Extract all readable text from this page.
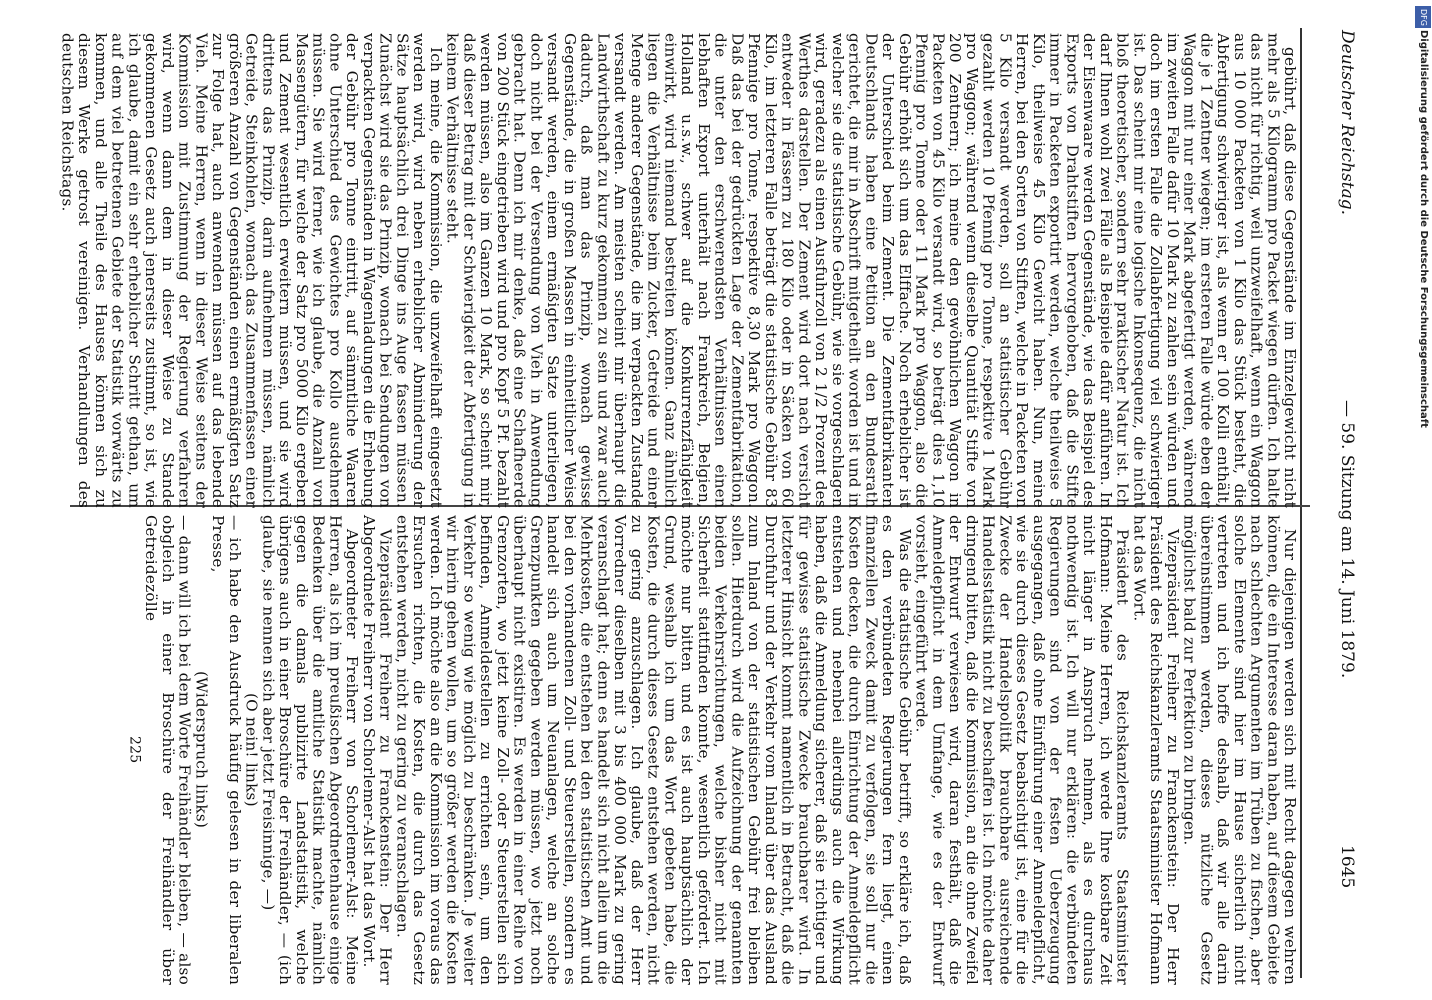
DFG
Digitalisierung gefördert durch die Deutsche Forschungsgemeinschaft
Deutscher Reichstag.
— 59. Sitzung am 14. Juni 1879.
1645

gebührt, daß diese Gegenstände im Einzelgewicht nicht mehr als 5 Kilogramm pro Packet wiegen dürfen. Ich halte das nicht für richtig, weil unzweifelhaft, wenn ein Waggon aus 10 000 Packeten von 1 Kilo das Stück besteht, die Abfertigung schwieriger ist, als wenn er 100 Kolli enthält, die je 1 Zentner wiegen; im ersteren Falle würde eben der Waggon mit nur einer Mark abgefertigt werden, während im zweiten Falle dafür 10 Mark zu zahlen sein würden und doch im ersten Falle die Zollabfertigung viel schwieriger ist. Das scheint mir eine logische Inkonsequenz, die nicht bloß theoretischer, sondern sehr praktischer Natur ist. Ich darf Ihnen wohl zwei Fälle als Beispiele dafür anführen. In der Eisenwaare werden Gegenstände, wie das Beispiel des Exports von Drahtstiften hervorgehoben, daß die Stifte immer in Packeten exportirt werden, welche theilweise 5 Kilo, theilweise 45 Kilo Gewicht haben. Nun, meine Herren, bei den Sorten von Stiften, welche in Packeten von 5 Kilo versandt werden, soll an statistischer Gebühr gezahlt werden 10 Pfennig pro Tonne, respektive 1 Mark pro Waggon; während wenn dieselbe Quantität Stifte von 200 Zentnern; ich meine den gewöhnlichen Waggon in Packeten von 45 Kilo versandt wird, so beträgt dies 1,10 Pfennig pro Tonne oder 11 Mark pro Waggon, also die Gebühr erhöht sich um das Elffache. Noch erheblicher ist der Unterschied beim Zement. Die Zementfabrikanten Deutschlands haben eine Petition an den Bundesrath gerichtet, die mir in Abschrift mitgetheilt worden ist und in welcher sie die statistische Gebühr, wie sie vorgeschlagen wird, geradezu als einen Ausfuhrzoll von 2 1/2 Prozent des Werthes darstellen. Der Zement wird dort nach versicht entweder in Fässern zu 180 Kilo oder in Säcken von 60 Kilo, im letzteren Falle beträgt die statistische Gebühr 83 Pfennige pro Tonne, respektive 8,30 Mark pro Waggon. Daß das bei der gedrückten Lage der Zementfabrikation, die unter den erschwerendsten Verhältnissen einen lebhaften Export unterhält nach Frankreich, Belgien, Holland u.s.w., schwer auf die Konkurrenzfähigkeit einwirkt, wird niemand bestreiten können. Ganz ähnlich liegen die Verhältnisse beim Zucker, Getreide und einer Menge anderer Gegenstände, die im verpackten Zustande versandt werden. Am meisten scheint mir überhaupt die Landwirthschaft zu kurz gekommen zu sein und zwar auch dadurch, daß man das Prinzip, wonach gewisse Gegenstände, die in großen Massen in einheitlicher Weise versandt werden, einem ermäßigten Satze unterliegen, doch nicht bei der Versendung von Vieh in Anwendung gebracht hat. Denn ich mir denke, daß eine Schafheerde von 200 Stück eingetrieben wird und pro Kopf 5 Pf. bezahlt werden müssen, also im Ganzen 10 Mark, so scheint mir, daß dieser Betrag mit der Schwierigkeit der Abfertigung in keinem Verhältnisse steht.

Ich meine, die Kommission, die unzweifelhaft eingesetzt werden wird, wird neben erheblicher Abminderung der Sätze hauptsächlich drei Dinge ins Auge fassen müssen. Zunächst wird sie das Prinzip, wonach bei Sendungen von verpackten Gegenständen in Wagenladungen die Erhebung der Gebühr pro Tonne eintritt, auf sämmtliche Waaren ohne Unterschied des Gewichtes pro Kollo ausdehnen müssen. Sie wird ferner, wie ich glaube, die Anzahl von Massengütern, für welche der Satz pro 5000 Kilo ergeben und Zement wesentlich erweitern müssen, und sie wird drittens das Prinzip, darin aufnehmen müssen, nämlich Getreide, Steinkohlen, wonach das Zusammenfassen einer größeren Anzahl von Gegenständen einen ermäßigten Satz zur Folge hat, auch anwenden müssen auf das lebende Vieh. Meine Herren, wenn in dieser Weise seitens der Kommission mit Zustimmung der Regierung verfahren wird, wenn dann dem in dieser Weise zu Stande gekommenen Gesetz auch jenerseits zustimmt, so ist, wie ich glaube, damit ein sehr erheblicher Schritt gethan, um auf dem viel betretenen Gebiete der Statistik vorwärts zu kommen, und alle Theile des Hauses können sich zu diesem Werke getrost vereinigen. Verhandlungen des deutschen Reichstags.

Nur diejenigen werden sich mit Recht dagegen wehren können, die ein Interesse daran haben, auf diesem Gebiete nach schlechten Argumenten im Trüben zu fischen, aber solche Elemente sind hier im Hause sicherlich nicht vertreten und ich hoffe deshalb, daß wir alle darin übereinstimmen werden, dieses nützliche Gesetz möglichst bald zur Perfektion zu bringen.

Vizepräsident Freiherr zu Franckenstein: Der Herr Präsident des Reichskanzleramts Staatsminister Hofmann hat das Wort.

Präsident des Reichskanzleramts Staatsminister Hofmann: Meine Herren, ich werde Ihre kostbare Zeit nicht länger in Anspruch nehmen, als es durchaus nothwendig ist. Ich will nur erklären: die verbündeten Regierungen sind von der festen Ueberzeugung ausgegangen, daß ohne Einführung einer Anmeldepflicht, wie sie durch dieses Gesetz beabsichtigt ist, eine für die Zwecke der Handelspolitik brauchbare ausreichende Handelsstatistik nicht zu beschaffen ist. Ich möchte daher dringend bitten, daß die Kommission, an die ohne Zweifel der Entwurf verwiesen wird, daran festhält, daß die Anmeldepflicht in dem Umfange, wie es der Entwurf vorsieht, eingeführt werde.

Was die statistische Gebühr betrifft, so erkläre ich, daß es den verbündeten Regierungen fern liegt, einen finanziellen Zweck damit zu verfolgen, sie soll nur die Kosten decken, die durch Einrichtung der Anmeldepflicht entstehen und nebenbei allerdings auch die Wirkung haben, daß die Anmeldung sicherer, daß sie richtiger und für gewisse statistische Zwecke brauchbarer wird. In letzterer Hinsicht kommt namentlich in Betracht, daß die Durchfuhr und der Verkehr vom Inland über das Ausland zum Inland von der statistischen Gebühr frei bleiben sollen. Hierdurch wird die Aufzeichnung der genannten beiden Verkehrsrichtungen, welche bisher nicht mit Sicherheit stattfinden konnte, wesentlich gefördert. Ich möchte nur bitten und es ist auch hauptsächlich der Grund, weshalb ich um das Wort gebeten habe, die Kosten, die durch dieses Gesetz entstehen werden, nicht zu gering anzuschlagen. Ich glaube, daß der Herr Vorredner dieselben mit 3 bis 400 000 Mark zu gering veranschlagt hat; denn es handelt sich nicht allein um die Mehrkosten, die entstehen bei den statistischen Amt und bei den vorhandenen Zoll- und Steuerstellen, sondern es handelt sich auch um Neuanlagen, welche an solche Grenzpunkten gegeben werden müssen, wo jetzt noch überhaupt nicht existiren. Es werden in einer Reihe von Grenzorten, wo jetzt keine Zoll- oder Steuerstellen sich befinden, Anmeldestellen zu errichten sein, um den Verkehr so wenig wie möglich zu beschränken. Je weiter wir hierin gehen wollen, um so größer werden die Kosten werden. Ich möchte also an die Kommission im voraus das Ersuchen richten, die Kosten, die durch das Gesetz entstehen werden, nicht zu gering zu veranschlagen.

Vizepräsident Freiherr zu Franckenstein: Der Herr Abgeordnete Freiherr von Schorlemer-Alst hat das Wort.

Abgeordneter Freiherr von Schorlemer-Alst: Meine Herren, als ich im preußischen Abgeordnetenhause einige Bedenken über die amtliche Statistik machte, nämlich gegen die damals publizirte Landstatistik, welche übrigens auch in einer Broschüre der Freihändler, — (ich glaube, sie nennen sich aber jetzt Freisinnige, —)

(O nein! links)

— ich habe den Ausdruck häufig gelesen in der liberalen Presse,

(Widerspruch links)

— dann will ich bei dem Worte Freihändler bleiben, — also obgleich in einer Broschüre der Freihändler über Getreidezölle

225
